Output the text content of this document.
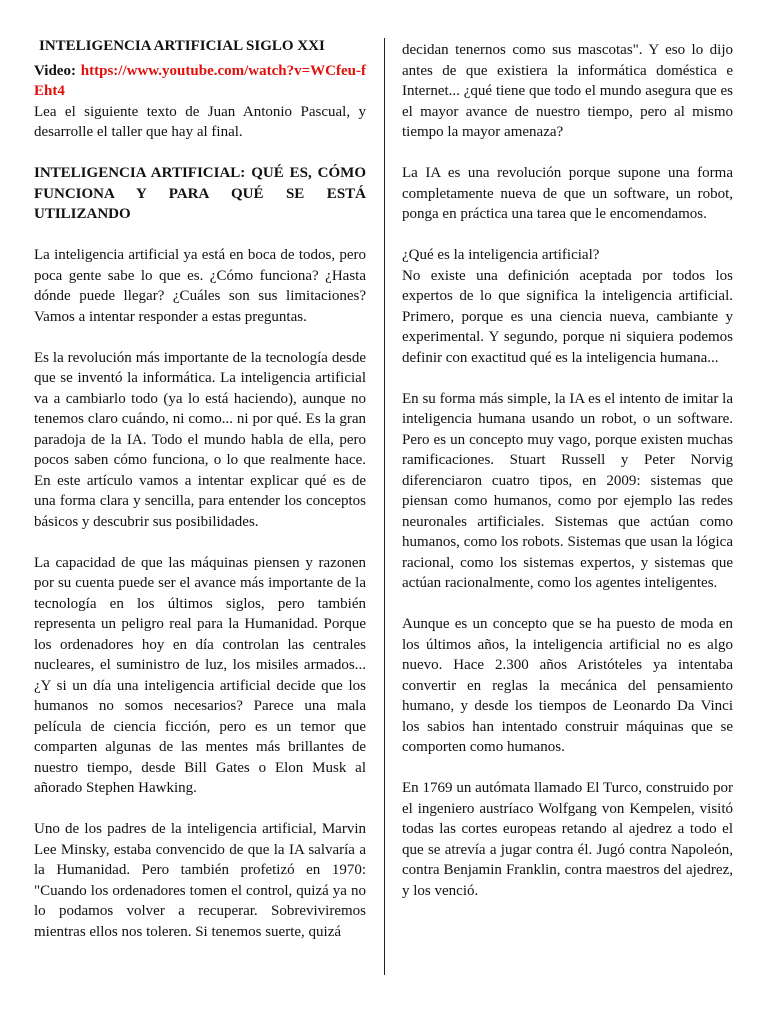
INTELIGENCIA ARTIFICIAL SIGLO XXI

Video: https://www.youtube.com/watch?v=WCfeu-fEht4

Lea el siguiente texto de Juan Antonio Pascual, y desarrolle el taller que hay al final.

INTELIGENCIA ARTIFICIAL: QUÉ ES, CÓMO FUNCIONA Y PARA QUÉ SE ESTÁ UTILIZANDO

La inteligencia artificial ya está en boca de todos, pero poca gente sabe lo que es. ¿Cómo funciona? ¿Hasta dónde puede llegar? ¿Cuáles son sus limitaciones? Vamos a intentar responder a estas preguntas.

Es la revolución más importante de la tecnología desde que se inventó la informática. La inteligencia artificial va a cambiarlo todo (ya lo está haciendo), aunque no tenemos claro cuándo, ni como... ni por qué. Es la gran paradoja de la IA. Todo el mundo habla de ella, pero pocos saben cómo funciona, o lo que realmente hace. En este artículo vamos a intentar explicar qué es de una forma clara y sencilla, para entender los conceptos básicos y descubrir sus posibilidades.

La capacidad de que las máquinas piensen y razonen por su cuenta puede ser el avance más importante de la tecnología en los últimos siglos, pero también representa un peligro real para la Humanidad. Porque los ordenadores hoy en día controlan las centrales nucleares, el suministro de luz, los misiles armados... ¿Y si un día una inteligencia artificial decide que los humanos no somos necesarios? Parece una mala película de ciencia ficción, pero es un temor que comparten algunas de las mentes más brillantes de nuestro tiempo, desde Bill Gates o Elon Musk al añorado Stephen Hawking.

Uno de los padres de la inteligencia artificial, Marvin Lee Minsky, estaba convencido de que la IA salvaría a la Humanidad. Pero también profetizó en 1970: "Cuando los ordenadores tomen el control, quizá ya no lo podamos volver a recuperar. Sobreviviremos mientras ellos nos toleren. Si tenemos suerte, quizá

decidan tenernos como sus mascotas". Y eso lo dijo antes de que existiera la informática doméstica e Internet... ¿qué tiene que todo el mundo asegura que es el mayor avance de nuestro tiempo, pero al mismo tiempo la mayor amenaza?

La IA es una revolución porque supone una forma completamente nueva de que un software, un robot, ponga en práctica una tarea que le encomendamos.

¿Qué es la inteligencia artificial?

No existe una definición aceptada por todos los expertos de lo que significa la inteligencia artificial. Primero, porque es una ciencia nueva, cambiante y experimental. Y segundo, porque ni siquiera podemos definir con exactitud qué es la inteligencia humana...

En su forma más simple, la IA es el intento de imitar la inteligencia humana usando un robot, o un software. Pero es un concepto muy vago, porque existen muchas ramificaciones. Stuart Russell y Peter Norvig diferenciaron cuatro tipos, en 2009: sistemas que piensan como humanos, como por ejemplo las redes neuronales artificiales. Sistemas que actúan como humanos, como los robots. Sistemas que usan la lógica racional, como los sistemas expertos, y sistemas que actúan racionalmente, como los agentes inteligentes.

Aunque es un concepto que se ha puesto de moda en los últimos años, la inteligencia artificial no es algo nuevo. Hace 2.300 años Aristóteles ya intentaba convertir en reglas la mecánica del pensamiento humano, y desde los tiempos de Leonardo Da Vinci los sabios han intentado construir máquinas que se comporten como humanos.

En 1769 un autómata llamado El Turco, construido por el ingeniero austríaco Wolfgang von Kempelen, visitó todas las cortes europeas retando al ajedrez a todo el que se atrevía a jugar contra él. Jugó contra Napoleón, contra Benjamin Franklin, contra maestros del ajedrez, y los venció.
